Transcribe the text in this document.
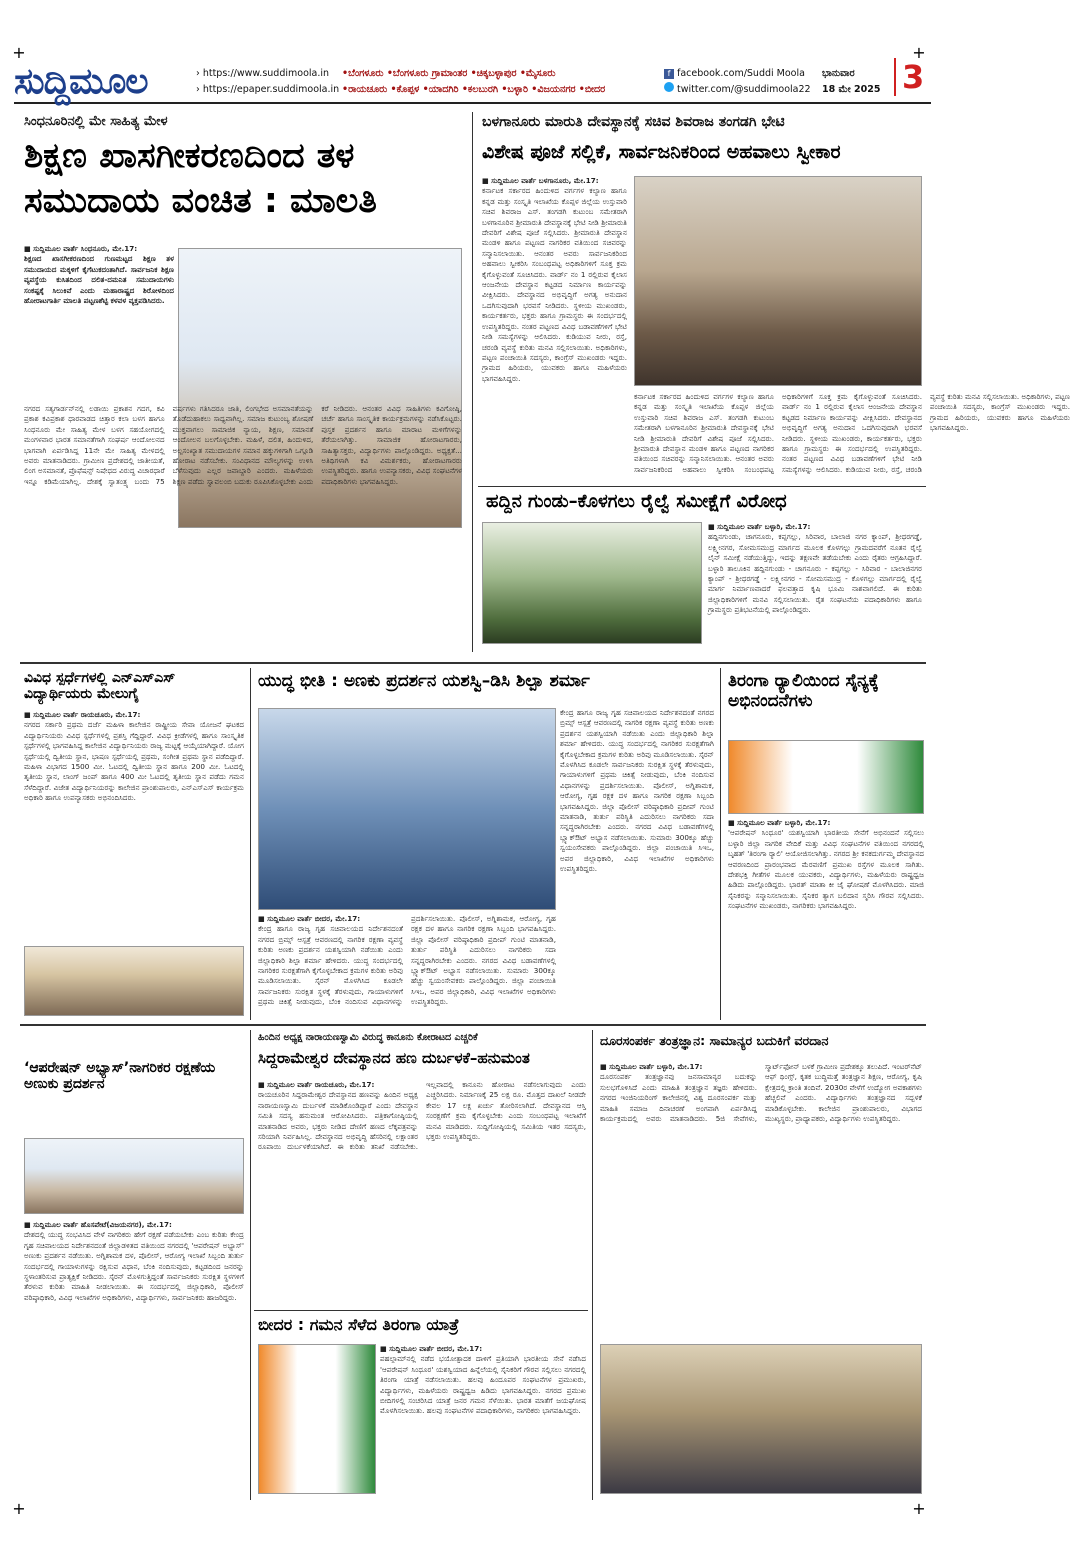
+	+
+	+
ಸುದ್ದಿಮೂಲ	› https://www.suddimoola.in
› https://epaper.suddimoola.in
•ಬೆಂಗಳೂರು •ಬೆಂಗಳೂರು ಗ್ರಾಮಾಂತರ •ಚಿಕ್ಕಬಳ್ಳಾಪುರ •ಮೈಸೂರು
•ರಾಯಚೂರು •ಕೊಪ್ಪಳ •ಯಾದಗಿರಿ •ಕಲಬುರಗಿ •ಬಳ್ಳಾರಿ •ವಿಜಯನಗರ •ಬೀದರ
f facebook.com/Suddi Moola
twitter.com/@suddimoola22
ಭಾನುವಾರ
18 ಮೇ 2025 3
ಸಿಂಧನೂರಿನಲ್ಲಿ ಮೇ ಸಾಹಿತ್ಯ ಮೇಳ
ಶಿಕ್ಷಣ ಖಾಸಗೀಕರಣದಿಂದ ತಳ ಸಮುದಾಯ ವಂಚಿತ : ಮಾಲತಿ
■ ಸುದ್ದಿಮೂಲ ವಾರ್ತೆ ಸಿಂಧನೂರು, ಮೇ.17:
ಶಿಕ್ಷಣದ ಖಾಸಗೀಕರಣದಿಂದ ಗುಣಮಟ್ಟದ ಶಿಕ್ಷಣ ತಳ ಸಮುದಾಯದ ಮಕ್ಕಳಿಗೆ ಕೈಗೆಟುಕದಂತಾಗಿದೆ. ಸಾರ್ವಜನಿಕ ಶಿಕ್ಷಣ ವ್ಯವಸ್ಥೆಯ ಕುಸಿತದಿಂದ ದಲಿತ-ದಮನಿತ ಸಮುದಾಯಗಳು ಸಂಕಷ್ಟಕ್ಕೆ ಸಿಲುಕಿವೆ ಎಂದು ಮಹಾರಾಷ್ಟ್ರದ ಶಿರೋಳದಿಂದ ಹೋರಾಟಗಾರ್ತಿ ಮಾಲತಿ ಪಟ್ಟಣಶೆಟ್ಟಿ ಕಳವಳ ವ್ಯಕ್ತಪಡಿಸಿದರು.
ನಗರದ ಸತ್ಯಗಾರ್ಡನ್‌ನಲ್ಲಿ ಲಡಾಯಿ ಪ್ರಕಾಶನ ಗದಗ, ಕವಿ ಪ್ರಕಾಶ ಕವಿಪ್ರಕಾಶ ಧಾರವಾಡದ ಚಿತ್ತಾರ ಕಲಾ ಬಳಗ ಹಾಗೂ ಸಿಂಧನೂರು ಮೇ ಸಾಹಿತ್ಯ ಮೇಳ ಬಳಗ ಸಹಯೋಗದಲ್ಲಿ ಮಂಗಳವಾರ ಭಾರತ ಸಮಾನತೆಗಾಗಿ ಸಂಘರ್ಷ ಆಂದೋಲನದ ಭಾಗವಾಗಿ ಏರ್ಪಡಿಸಿದ್ದ 11ನೇ ಮೇ ಸಾಹಿತ್ಯ ಮೇಳದಲ್ಲಿ ಅವರು ಮಾತನಾಡಿದರು. ಗ್ರಾಮೀಣ ಪ್ರದೇಶದಲ್ಲಿ ಜಾತೀಯತೆ, ಲಿಂಗ ಅಸಮಾನತೆ, ಪ್ರೊಫೆಷನ್ಸ್ ನಿಷೇಧದ ವಿರುದ್ಧ ವಿಚಾರಧಾರೆ ಇನ್ನೂ ಕಡಿಮೆಯಾಗಿಲ್ಲ. ದೇಶಕ್ಕೆ ಸ್ವಾತಂತ್ರ್ಯ ಬಂದು 75 ವರ್ಷಗಳು ಗತಿಸಿದರೂ ಜಾತಿ, ಲಿಂಗಭೇದ ಅಸಮಾನತೆಯನ್ನು ತೊಡೆದುಹಾಕಲು ಸಾಧ್ಯವಾಗಿಲ್ಲ. ಸಮಾಜ ಕುಟುಂಬ್ಯ ಶೋಷಣೆ ಮುಕ್ತವಾಗಲು ಸಾಮಾಜಿಕ ನ್ಯಾಯ, ಶಿಕ್ಷಣ, ಸಮಾನತೆ ಆಂದೋಲನ ಬಲಗೊಳ್ಳಬೇಕು. ಮಹಿಳೆ, ದಲಿತ, ಹಿಂದುಳಿದ, ಅಲ್ಪಸಂಖ್ಯಾತ ಸಮುದಾಯಗಳ ಸಮಾನ ಹಕ್ಕುಗಳಿಗಾಗಿ ಒಗ್ಗೂಡಿ ಹೋರಾಟ ನಡೆಸಬೇಕು. ಸಂವಿಧಾನದ ಮೌಲ್ಯಗಳನ್ನು ಉಳಿಸಿ ಬೆಳೆಸುವುದು ಎಲ್ಲರ ಜವಾಬ್ದಾರಿ ಎಂದರು. ಮಹಿಳೆಯರು ಶಿಕ್ಷಣ ಪಡೆದು ಸ್ವಾವಲಂಬಿ ಬದುಕು ರೂಪಿಸಿಕೊಳ್ಳಬೇಕು ಎಂದು ಕರೆ ನೀಡಿದರು. ಆನಂತರ ವಿವಿಧ ಸಾಹಿತಿಗಳು ಕವಿಗೋಷ್ಠಿ, ಚರ್ಚೆ ಹಾಗೂ ಸಾಂಸ್ಕೃತಿಕ ಕಾರ್ಯಕ್ರಮಗಳನ್ನು ನಡೆಸಿಕೊಟ್ಟರು. ಪುಸ್ತಕ ಪ್ರದರ್ಶನ ಹಾಗೂ ಮಾರಾಟ ಮಳಿಗೆಗಳನ್ನು ತೆರೆಯಲಾಗಿತ್ತು. ಸಾಮಾಜಿಕ ಹೋರಾಟಗಾರರು, ಸಾಹಿತ್ಯಾಸಕ್ತರು, ವಿದ್ಯಾರ್ಥಿಗಳು ಪಾಲ್ಗೊಂಡಿದ್ದರು. ಅಧ್ಯಕ್ಷತೆ... ಅತಿಥಿಗಳಾಗಿ ಕವಿ ವಿಮರ್ಶಕರು, ಹೋರಾಟಗಾರರು ಉಪಸ್ಥಿತರಿದ್ದರು. ಹಾಗೂ ಉಪನ್ಯಾಸಕರು, ವಿವಿಧ ಸಂಘಟನೆಗಳ ಪದಾಧಿಕಾರಿಗಳು ಭಾಗವಹಿಸಿದ್ದರು.
ಬಳಗಾನೂರು ಮಾರುತಿ ದೇವಸ್ಥಾನಕ್ಕೆ ಸಚಿವ ಶಿವರಾಜ ತಂಗಡಗಿ ಭೇಟಿ
ವಿಶೇಷ ಪೂಜೆ ಸಲ್ಲಿಕೆ, ಸಾರ್ವಜನಿಕರಿಂದ ಅಹವಾಲು ಸ್ವೀಕಾರ
■ ಸುದ್ದಿಮೂಲ ವಾರ್ತೆ ಬಳಗಾನೂರು, ಮೇ.17:
ಕರ್ನಾಟಕ ಸರ್ಕಾರದ ಹಿಂದುಳಿದ ವರ್ಗಗಳ ಕಲ್ಯಾಣ ಹಾಗೂ ಕನ್ನಡ ಮತ್ತು ಸಂಸ್ಕೃತಿ ಇಲಾಖೆಯ ಕೊಪ್ಪಳ ಜಿಲ್ಲೆಯ ಉಸ್ತುವಾರಿ ಸಚಿವ ಶಿವರಾಜ ಎಸ್. ತಂಗಡಗಿ ಕುಟುಂಬ ಸಮೇತರಾಗಿ ಬಳಗಾನೂರಿನ ಶ್ರೀಮಾರುತಿ ದೇವಸ್ಥಾನಕ್ಕೆ ಭೇಟಿ ನೀಡಿ ಶ್ರೀಮಾರುತಿ ದೇವರಿಗೆ ವಿಶೇಷ ಪೂಜೆ ಸಲ್ಲಿಸಿದರು. ಶ್ರೀಮಾರುತಿ ದೇವಸ್ಥಾನ ಮಂಡಳಿ ಹಾಗೂ ಪಟ್ಟಣದ ನಾಗರಿಕರ ವತಿಯಿಂದ ಸಚಿವರನ್ನು ಸನ್ಮಾನಿಸಲಾಯಿತು. ಆನಂತರ ಅವರು ಸಾರ್ವಜನಿಕರಿಂದ ಅಹವಾಲು ಸ್ವೀಕರಿಸಿ ಸಂಬಂಧಪಟ್ಟ ಅಧಿಕಾರಿಗಳಿಗೆ ಸೂಕ್ತ ಕ್ರಮ ಕೈಗೊಳ್ಳುವಂತೆ ಸೂಚಿಸಿದರು. ವಾರ್ಡ್ ನಂ 1 ರಲ್ಲಿರುವ ಕೈಲಾಸ ಆಂಜನೇಯ ದೇವಸ್ಥಾನ ಕಟ್ಟಡದ ನಿರ್ಮಾಣ ಕಾರ್ಯವನ್ನು ವೀಕ್ಷಿಸಿದರು. ದೇವಸ್ಥಾನದ ಅಭಿವೃದ್ಧಿಗೆ ಅಗತ್ಯ ಅನುದಾನ ಒದಗಿಸುವುದಾಗಿ ಭರವಸೆ ನೀಡಿದರು. ಸ್ಥಳೀಯ ಮುಖಂಡರು, ಕಾರ್ಯಕರ್ತರು, ಭಕ್ತರು ಹಾಗೂ ಗ್ರಾಮಸ್ಥರು ಈ ಸಂದರ್ಭದಲ್ಲಿ ಉಪಸ್ಥಿತರಿದ್ದರು. ನಂತರ ಪಟ್ಟಣದ ವಿವಿಧ ಬಡಾವಣೆಗಳಿಗೆ ಭೇಟಿ ನೀಡಿ ಸಮಸ್ಯೆಗಳನ್ನು ಆಲಿಸಿದರು. ಕುಡಿಯುವ ನೀರು, ರಸ್ತೆ, ಚರಂಡಿ ವ್ಯವಸ್ಥೆ ಕುರಿತು ಮನವಿ ಸಲ್ಲಿಸಲಾಯಿತು. ಅಧಿಕಾರಿಗಳು, ಪಟ್ಟಣ ಪಂಚಾಯಿತಿ ಸದಸ್ಯರು, ಕಾಂಗ್ರೆಸ್ ಮುಖಂಡರು ಇದ್ದರು. ಗ್ರಾಮದ ಹಿರಿಯರು, ಯುವಕರು ಹಾಗೂ ಮಹಿಳೆಯರು ಭಾಗವಹಿಸಿದ್ದರು.
ಕರ್ನಾಟಕ ಸರ್ಕಾರದ ಹಿಂದುಳಿದ ವರ್ಗಗಳ ಕಲ್ಯಾಣ ಹಾಗೂ ಕನ್ನಡ ಮತ್ತು ಸಂಸ್ಕೃತಿ ಇಲಾಖೆಯ ಕೊಪ್ಪಳ ಜಿಲ್ಲೆಯ ಉಸ್ತುವಾರಿ ಸಚಿವ ಶಿವರಾಜ ಎಸ್. ತಂಗಡಗಿ ಕುಟುಂಬ ಸಮೇತರಾಗಿ ಬಳಗಾನೂರಿನ ಶ್ರೀಮಾರುತಿ ದೇವಸ್ಥಾನಕ್ಕೆ ಭೇಟಿ ನೀಡಿ ಶ್ರೀಮಾರುತಿ ದೇವರಿಗೆ ವಿಶೇಷ ಪೂಜೆ ಸಲ್ಲಿಸಿದರು. ಶ್ರೀಮಾರುತಿ ದೇವಸ್ಥಾನ ಮಂಡಳಿ ಹಾಗೂ ಪಟ್ಟಣದ ನಾಗರಿಕರ ವತಿಯಿಂದ ಸಚಿವರನ್ನು ಸನ್ಮಾನಿಸಲಾಯಿತು. ಆನಂತರ ಅವರು ಸಾರ್ವಜನಿಕರಿಂದ ಅಹವಾಲು ಸ್ವೀಕರಿಸಿ ಸಂಬಂಧಪಟ್ಟ ಅಧಿಕಾರಿಗಳಿಗೆ ಸೂಕ್ತ ಕ್ರಮ ಕೈಗೊಳ್ಳುವಂತೆ ಸೂಚಿಸಿದರು. ವಾರ್ಡ್ ನಂ 1 ರಲ್ಲಿರುವ ಕೈಲಾಸ ಆಂಜನೇಯ ದೇವಸ್ಥಾನ ಕಟ್ಟಡದ ನಿರ್ಮಾಣ ಕಾರ್ಯವನ್ನು ವೀಕ್ಷಿಸಿದರು. ದೇವಸ್ಥಾನದ ಅಭಿವೃದ್ಧಿಗೆ ಅಗತ್ಯ ಅನುದಾನ ಒದಗಿಸುವುದಾಗಿ ಭರವಸೆ ನೀಡಿದರು. ಸ್ಥಳೀಯ ಮುಖಂಡರು, ಕಾರ್ಯಕರ್ತರು, ಭಕ್ತರು ಹಾಗೂ ಗ್ರಾಮಸ್ಥರು ಈ ಸಂದರ್ಭದಲ್ಲಿ ಉಪಸ್ಥಿತರಿದ್ದರು. ನಂತರ ಪಟ್ಟಣದ ವಿವಿಧ ಬಡಾವಣೆಗಳಿಗೆ ಭೇಟಿ ನೀಡಿ ಸಮಸ್ಯೆಗಳನ್ನು ಆಲಿಸಿದರು. ಕುಡಿಯುವ ನೀರು, ರಸ್ತೆ, ಚರಂಡಿ ವ್ಯವಸ್ಥೆ ಕುರಿತು ಮನವಿ ಸಲ್ಲಿಸಲಾಯಿತು. ಅಧಿಕಾರಿಗಳು, ಪಟ್ಟಣ ಪಂಚಾಯಿತಿ ಸದಸ್ಯರು, ಕಾಂಗ್ರೆಸ್ ಮುಖಂಡರು ಇದ್ದರು. ಗ್ರಾಮದ ಹಿರಿಯರು, ಯುವಕರು ಹಾಗೂ ಮಹಿಳೆಯರು ಭಾಗವಹಿಸಿದ್ದರು.
ಹದ್ದಿನ ಗುಂಡು–ಕೊಳಗಲು ರೈಲ್ವೆ ಸಮೀಕ್ಷೆಗೆ ವಿರೋಧ
■ ಸುದ್ದಿಮೂಲ ವಾರ್ತೆ ಬಳ್ಳಾರಿ, ಮೇ.17:
ಹದ್ದಿನಗುಂಡು, ಚಾಗನೂರು, ಕಪ್ಪಗಲ್ಲು, ಸಿರಿವಾರ, ಬಾಲಾಜಿ ನಗರ ಕ್ಯಾಂಪ್, ಶ್ರೀಧರಗಡ್ಡೆ, ಲಕ್ಷ್ಮೀನಗರ, ಸೋಮಸಮುದ್ರ ಮಾರ್ಗದ ಮೂಲಕ ಕೊಳಗಲ್ಲು ಗ್ರಾಮದವರೆಗೆ ನೂತನ ರೈಲ್ವೆ ಲೈನ್ ಸಮೀಕ್ಷೆ ನಡೆಯುತ್ತಿದ್ದು, ಇದನ್ನು ತಕ್ಷಣವೇ ತಡೆಯಬೇಕು ಎಂದು ರೈತರು ಆಗ್ರಹಿಸಿದ್ದಾರೆ. ಬಳ್ಳಾರಿ ತಾಲೂಕಿನ ಹದ್ದಿನಗುಂಡು - ಚಾಗನೂರು - ಕಪ್ಪಗಲ್ಲು - ಸಿರಿವಾರ - ಬಾಲಾಜಿನಗರ ಕ್ಯಾಂಪ್ - ಶ್ರೀಧರಗಡ್ಡೆ - ಲಕ್ಷ್ಮೀನಗರ - ಸೋಮಸಮುದ್ರ - ಕೊಳಗಲ್ಲು ಮಾರ್ಗದಲ್ಲಿ ರೈಲ್ವೆ ಮಾರ್ಗ ನಿರ್ಮಾಣವಾದರೆ ಫಲವತ್ತಾದ ಕೃಷಿ ಭೂಮಿ ನಾಶವಾಗಲಿದೆ. ಈ ಕುರಿತು ಜಿಲ್ಲಾಧಿಕಾರಿಗಳಿಗೆ ಮನವಿ ಸಲ್ಲಿಸಲಾಯಿತು. ರೈತ ಸಂಘಟನೆಯ ಪದಾಧಿಕಾರಿಗಳು ಹಾಗೂ ಗ್ರಾಮಸ್ಥರು ಪ್ರತಿಭಟನೆಯಲ್ಲಿ ಪಾಲ್ಗೊಂಡಿದ್ದರು.
ವಿವಿಧ ಸ್ಪರ್ಧೆಗಳಲ್ಲಿ ಎನ್‌ಎಸ್‌ಎಸ್ ವಿದ್ಯಾರ್ಥಿಯರು ಮೇಲುಗೈ
■ ಸುದ್ದಿಮೂಲ ವಾರ್ತೆ ರಾಯಚೂರು, ಮೇ.17:
ನಗರದ ಸರ್ಕಾರಿ ಪ್ರಥಮ ದರ್ಜೆ ಮಹಿಳಾ ಕಾಲೇಜಿನ ರಾಷ್ಟ್ರೀಯ ಸೇವಾ ಯೋಜನೆ ಘಟಕದ ವಿದ್ಯಾರ್ಥಿನಿಯರು ವಿವಿಧ ಸ್ಪರ್ಧೆಗಳಲ್ಲಿ ಪ್ರಶಸ್ತಿ ಗೆದ್ದಿದ್ದಾರೆ. ವಿವಿಧ ಕ್ರೀಡೆಗಳಲ್ಲಿ ಹಾಗೂ ಸಾಂಸ್ಕೃತಿಕ ಸ್ಪರ್ಧೆಗಳಲ್ಲಿ ಭಾಗವಹಿಸಿದ್ದ ಕಾಲೇಜಿನ ವಿದ್ಯಾರ್ಥಿನಿಯರು ರಾಜ್ಯ ಮಟ್ಟಕ್ಕೆ ಆಯ್ಕೆಯಾಗಿದ್ದಾರೆ. ಯೋಗ ಸ್ಪರ್ಧೆಯಲ್ಲಿ ದ್ವಿತೀಯ ಸ್ಥಾನ, ಭಾಷಣ ಸ್ಪರ್ಧೆಯಲ್ಲಿ ಪ್ರಥಮ, ಸಂಗೀತ ಪ್ರಥಮ ಸ್ಥಾನ ಪಡೆದಿದ್ದಾರೆ. ಮಹಿಳಾ ವಿಭಾಗದ 1500 ಮೀ. ಓಟದಲ್ಲಿ ದ್ವಿತೀಯ ಸ್ಥಾನ ಹಾಗೂ 200 ಮೀ. ಓಟದಲ್ಲಿ ತೃತೀಯ ಸ್ಥಾನ, ಲಾಂಗ್ ಜಂಪ್ ಹಾಗೂ 400 ಮೀ ಓಟದಲ್ಲಿ ತೃತೀಯ ಸ್ಥಾನ ಪಡೆದು ಗಮನ ಸೆಳೆದಿದ್ದಾರೆ. ವಿಜೇತ ವಿದ್ಯಾರ್ಥಿನಿಯರನ್ನು ಕಾಲೇಜಿನ ಪ್ರಾಂಶುಪಾಲರು, ಎನ್‌ಎಸ್‌ಎಸ್ ಕಾರ್ಯಕ್ರಮ ಅಧಿಕಾರಿ ಹಾಗೂ ಉಪನ್ಯಾಸಕರು ಅಭಿನಂದಿಸಿದರು.
ಯುದ್ಧ ಭೀತಿ : ಅಣಕು ಪ್ರದರ್ಶನ ಯಶಸ್ವಿ–ಡಿಸಿ ಶಿಲ್ಪಾ ಶರ್ಮಾ
ಕೇಂದ್ರ ಹಾಗೂ ರಾಜ್ಯ ಗೃಹ ಸಚಿವಾಲಯದ ನಿರ್ದೇಶನದಂತೆ ನಗರದ ಬ್ರಿಮ್ಸ್ ಆಸ್ಪತ್ರೆ ಆವರಣದಲ್ಲಿ ನಾಗರಿಕ ರಕ್ಷಣಾ ವ್ಯವಸ್ಥೆ ಕುರಿತು ಅಣಕು ಪ್ರದರ್ಶನ ಯಶಸ್ವಿಯಾಗಿ ನಡೆಯಿತು ಎಂದು ಜಿಲ್ಲಾಧಿಕಾರಿ ಶಿಲ್ಪಾ ಶರ್ಮಾ ಹೇಳಿದರು. ಯುದ್ಧ ಸಂದರ್ಭದಲ್ಲಿ ನಾಗರಿಕರ ಸುರಕ್ಷತೆಗಾಗಿ ಕೈಗೊಳ್ಳಬೇಕಾದ ಕ್ರಮಗಳ ಕುರಿತು ಅರಿವು ಮೂಡಿಸಲಾಯಿತು. ಸೈರನ್ ಮೊಳಗಿಸಿದ ಕೂಡಲೇ ಸಾರ್ವಜನಿಕರು ಸುರಕ್ಷಿತ ಸ್ಥಳಕ್ಕೆ ತೆರಳುವುದು, ಗಾಯಾಳುಗಳಿಗೆ ಪ್ರಥಮ ಚಿಕಿತ್ಸೆ ನೀಡುವುದು, ಬೆಂಕಿ ನಂದಿಸುವ ವಿಧಾನಗಳನ್ನು ಪ್ರದರ್ಶಿಸಲಾಯಿತು. ಪೊಲೀಸ್, ಅಗ್ನಿಶಾಮಕ, ಆರೋಗ್ಯ, ಗೃಹ ರಕ್ಷಕ ದಳ ಹಾಗೂ ನಾಗರಿಕ ರಕ್ಷಣಾ ಸಿಬ್ಬಂದಿ ಭಾಗವಹಿಸಿದ್ದರು. ಜಿಲ್ಲಾ ಪೊಲೀಸ್ ವರಿಷ್ಠಾಧಿಕಾರಿ ಪ್ರದೀಪ್ ಗುಂಟಿ ಮಾತನಾಡಿ, ತುರ್ತು ಪರಿಸ್ಥಿತಿ ಎದುರಿಸಲು ನಾಗರಿಕರು ಸದಾ ಸನ್ನದ್ಧರಾಗಿರಬೇಕು ಎಂದರು. ನಗರದ ವಿವಿಧ ಬಡಾವಣೆಗಳಲ್ಲಿ ಬ್ಲ್ಯಾಕ್‌ಔಟ್ ಅಭ್ಯಾಸ ನಡೆಸಲಾಯಿತು. ಸುಮಾರು 300ಕ್ಕೂ ಹೆಚ್ಚು ಸ್ವಯಂಸೇವಕರು ಪಾಲ್ಗೊಂಡಿದ್ದರು. ಜಿಲ್ಲಾ ಪಂಚಾಯಿತಿ ಸಿಇಒ, ಅಪರ ಜಿಲ್ಲಾಧಿಕಾರಿ, ವಿವಿಧ ಇಲಾಖೆಗಳ ಅಧಿಕಾರಿಗಳು ಉಪಸ್ಥಿತರಿದ್ದರು.
■ ಸುದ್ದಿಮೂಲ ವಾರ್ತೆ ಬೀದರ, ಮೇ.17:
ಕೇಂದ್ರ ಹಾಗೂ ರಾಜ್ಯ ಗೃಹ ಸಚಿವಾಲಯದ ನಿರ್ದೇಶನದಂತೆ ನಗರದ ಬ್ರಿಮ್ಸ್ ಆಸ್ಪತ್ರೆ ಆವರಣದಲ್ಲಿ ನಾಗರಿಕ ರಕ್ಷಣಾ ವ್ಯವಸ್ಥೆ ಕುರಿತು ಅಣಕು ಪ್ರದರ್ಶನ ಯಶಸ್ವಿಯಾಗಿ ನಡೆಯಿತು ಎಂದು ಜಿಲ್ಲಾಧಿಕಾರಿ ಶಿಲ್ಪಾ ಶರ್ಮಾ ಹೇಳಿದರು. ಯುದ್ಧ ಸಂದರ್ಭದಲ್ಲಿ ನಾಗರಿಕರ ಸುರಕ್ಷತೆಗಾಗಿ ಕೈಗೊಳ್ಳಬೇಕಾದ ಕ್ರಮಗಳ ಕುರಿತು ಅರಿವು ಮೂಡಿಸಲಾಯಿತು. ಸೈರನ್ ಮೊಳಗಿಸಿದ ಕೂಡಲೇ ಸಾರ್ವಜನಿಕರು ಸುರಕ್ಷಿತ ಸ್ಥಳಕ್ಕೆ ತೆರಳುವುದು, ಗಾಯಾಳುಗಳಿಗೆ ಪ್ರಥಮ ಚಿಕಿತ್ಸೆ ನೀಡುವುದು, ಬೆಂಕಿ ನಂದಿಸುವ ವಿಧಾನಗಳನ್ನು ಪ್ರದರ್ಶಿಸಲಾಯಿತು. ಪೊಲೀಸ್, ಅಗ್ನಿಶಾಮಕ, ಆರೋಗ್ಯ, ಗೃಹ ರಕ್ಷಕ ದಳ ಹಾಗೂ ನಾಗರಿಕ ರಕ್ಷಣಾ ಸಿಬ್ಬಂದಿ ಭಾಗವಹಿಸಿದ್ದರು. ಜಿಲ್ಲಾ ಪೊಲೀಸ್ ವರಿಷ್ಠಾಧಿಕಾರಿ ಪ್ರದೀಪ್ ಗುಂಟಿ ಮಾತನಾಡಿ, ತುರ್ತು ಪರಿಸ್ಥಿತಿ ಎದುರಿಸಲು ನಾಗರಿಕರು ಸದಾ ಸನ್ನದ್ಧರಾಗಿರಬೇಕು ಎಂದರು. ನಗರದ ವಿವಿಧ ಬಡಾವಣೆಗಳಲ್ಲಿ ಬ್ಲ್ಯಾಕ್‌ಔಟ್ ಅಭ್ಯಾಸ ನಡೆಸಲಾಯಿತು. ಸುಮಾರು 300ಕ್ಕೂ ಹೆಚ್ಚು ಸ್ವಯಂಸೇವಕರು ಪಾಲ್ಗೊಂಡಿದ್ದರು. ಜಿಲ್ಲಾ ಪಂಚಾಯಿತಿ ಸಿಇಒ, ಅಪರ ಜಿಲ್ಲಾಧಿಕಾರಿ, ವಿವಿಧ ಇಲಾಖೆಗಳ ಅಧಿಕಾರಿಗಳು ಉಪಸ್ಥಿತರಿದ್ದರು.
ತಿರಂಗಾ ರ್‍ಯಾಲಿಯಿಂದ ಸೈನ್ಯಕ್ಕೆ ಅಭಿನಂದನೆಗಳು
■ ಸುದ್ದಿಮೂಲ ವಾರ್ತೆ ಬಳ್ಳಾರಿ, ಮೇ.17:
'ಆಪರೇಷನ್ ಸಿಂಧೂರ' ಯಶಸ್ವಿಯಾಗಿ ಭಾರತೀಯ ಸೇನೆಗೆ ಅಭಿನಂದನೆ ಸಲ್ಲಿಸಲು ಬಳ್ಳಾರಿ ಜಿಲ್ಲಾ ನಾಗರಿಕ ವೇದಿಕೆ ಮತ್ತು ವಿವಿಧ ಸಂಘಟನೆಗಳ ವತಿಯಿಂದ ನಗರದಲ್ಲಿ ಬೃಹತ್ 'ತಿರಂಗಾ ರ್‍ಯಾಲಿ' ಆಯೋಜಿಸಲಾಗಿತ್ತು. ನಗರದ ಶ್ರೀ ಕನಕದುರ್ಗಮ್ಮ ದೇವಸ್ಥಾನದ ಆವರಣದಿಂದ ಪ್ರಾರಂಭವಾದ ಮೆರವಣಿಗೆ ಪ್ರಮುಖ ರಸ್ತೆಗಳ ಮೂಲಕ ಸಾಗಿತು. ದೇಶಭಕ್ತಿ ಗೀತೆಗಳ ಮೂಲಕ ಯುವಕರು, ವಿದ್ಯಾರ್ಥಿಗಳು, ಮಹಿಳೆಯರು ರಾಷ್ಟ್ರಧ್ವಜ ಹಿಡಿದು ಪಾಲ್ಗೊಂಡಿದ್ದರು. ಭಾರತ್ ಮಾತಾ ಕೀ ಜೈ ಘೋಷಣೆ ಮೊಳಗಿಸಿದರು. ಮಾಜಿ ಸೈನಿಕರನ್ನು ಸನ್ಮಾನಿಸಲಾಯಿತು. ಸೈನಿಕರ ತ್ಯಾಗ ಬಲಿದಾನ ಸ್ಮರಿಸಿ ಗೌರವ ಸಲ್ಲಿಸಿದರು. ಸಂಘಟನೆಗಳ ಮುಖಂಡರು, ನಾಗರಿಕರು ಭಾಗವಹಿಸಿದ್ದರು.
‘ಆಪರೇಷನ್ ಅಭ್ಯಾಸ್’ನಾಗರಿಕರ ರಕ್ಷಣೆಯ ಅಣುಕು ಪ್ರದರ್ಶನ
■ ಸುದ್ದಿಮೂಲ ವಾರ್ತೆ ಹೊಸಪೇಟೆ(ವಿಜಯನಗರ), ಮೇ.17:
ದೇಶದಲ್ಲಿ ಯುದ್ಧ ಸಂಭವಿಸಿದ ವೇಳೆ ನಾಗರಿಕರು ಹೇಗೆ ರಕ್ಷಣೆ ಪಡೆಯಬೇಕು ಎಂಬ ಕುರಿತು ಕೇಂದ್ರ ಗೃಹ ಸಚಿವಾಲಯದ ನಿರ್ದೇಶನದಂತೆ ಜಿಲ್ಲಾಡಳಿತದ ವತಿಯಿಂದ ನಗರದಲ್ಲಿ 'ಆಪರೇಷನ್ ಅಭ್ಯಾಸ್' ಅಣುಕು ಪ್ರದರ್ಶನ ನಡೆಯಿತು. ಅಗ್ನಿಶಾಮಕ ದಳ, ಪೊಲೀಸ್, ಆರೋಗ್ಯ ಇಲಾಖೆ ಸಿಬ್ಬಂದಿ ತುರ್ತು ಸಂದರ್ಭದಲ್ಲಿ ಗಾಯಾಳುಗಳನ್ನು ರಕ್ಷಿಸುವ ವಿಧಾನ, ಬೆಂಕಿ ನಂದಿಸುವುದು, ಕಟ್ಟಡದಿಂದ ಜನರನ್ನು ಸ್ಥಳಾಂತರಿಸುವ ಪ್ರಾತ್ಯಕ್ಷಿಕೆ ನೀಡಿದರು. ಸೈರನ್ ಮೊಳಗುತ್ತಿದ್ದಂತೆ ಸಾರ್ವಜನಿಕರು ಸುರಕ್ಷಿತ ಸ್ಥಳಗಳಿಗೆ ತೆರಳುವ ಕುರಿತು ಮಾಹಿತಿ ನೀಡಲಾಯಿತು. ಈ ಸಂದರ್ಭದಲ್ಲಿ ಜಿಲ್ಲಾಧಿಕಾರಿ, ಪೊಲೀಸ್ ವರಿಷ್ಠಾಧಿಕಾರಿ, ವಿವಿಧ ಇಲಾಖೆಗಳ ಅಧಿಕಾರಿಗಳು, ವಿದ್ಯಾರ್ಥಿಗಳು, ಸಾರ್ವಜನಿಕರು ಹಾಜರಿದ್ದರು.
ಹಿಂದಿನ ಅಧ್ಯಕ್ಷ ನಾರಾಯಣಸ್ವಾಮಿ ವಿರುದ್ಧ ಕಾನೂನು ಕೋರಾಟದ ಎಚ್ಚರಿಕೆ
ಸಿದ್ದರಾಮೇಶ್ವರ ದೇವಸ್ಥಾನದ ಹಣ ದುರ್ಬಳಕೆ–ಹನುಮಂತ
■ ಸುದ್ದಿಮೂಲ ವಾರ್ತೆ ರಾಯಚೂರು, ಮೇ.17:
ರಾಯಚೂರಿನ ಸಿದ್ದರಾಮೇಶ್ವರ ದೇವಸ್ಥಾನದ ಹಣವನ್ನು ಹಿಂದಿನ ಅಧ್ಯಕ್ಷ ನಾರಾಯಣಸ್ವಾಮಿ ದುರ್ಬಳಕೆ ಮಾಡಿಕೊಂಡಿದ್ದಾರೆ ಎಂದು ದೇವಸ್ಥಾನ ಸಮಿತಿ ಸದಸ್ಯ ಹನುಮಂತ ಆರೋಪಿಸಿದರು. ಪತ್ರಿಕಾಗೋಷ್ಠಿಯಲ್ಲಿ ಮಾತನಾಡಿದ ಅವರು, ಭಕ್ತರು ನೀಡಿದ ದೇಣಿಗೆ ಹಣದ ಲೆಕ್ಕಪತ್ರವನ್ನು ಸರಿಯಾಗಿ ನಿರ್ವಹಿಸಿಲ್ಲ. ದೇವಸ್ಥಾನದ ಅಭಿವೃದ್ಧಿ ಹೆಸರಿನಲ್ಲಿ ಲಕ್ಷಾಂತರ ರೂಪಾಯಿ ದುರ್ಬಳಕೆಯಾಗಿದೆ. ಈ ಕುರಿತು ತನಿಖೆ ನಡೆಸಬೇಕು. ಇಲ್ಲವಾದಲ್ಲಿ ಕಾನೂನು ಹೋರಾಟ ನಡೆಸಲಾಗುವುದು ಎಂದು ಎಚ್ಚರಿಸಿದರು. ನಿರ್ಮಾಣಕ್ಕೆ 25 ಲಕ್ಷ ರೂ. ಮೊತ್ತದ ದಾಖಲೆ ನೀಡದೇ ಕೇವಲ 17 ಲಕ್ಷ ಖರ್ಚು ತೋರಿಸಲಾಗಿದೆ. ದೇವಸ್ಥಾನದ ಆಸ್ತಿ ಸಂರಕ್ಷಣೆಗೆ ಕ್ರಮ ಕೈಗೊಳ್ಳಬೇಕು ಎಂದು ಸಂಬಂಧಪಟ್ಟ ಇಲಾಖೆಗೆ ಮನವಿ ಮಾಡಿದರು. ಸುದ್ದಿಗೋಷ್ಠಿಯಲ್ಲಿ ಸಮಿತಿಯ ಇತರ ಸದಸ್ಯರು, ಭಕ್ತರು ಉಪಸ್ಥಿತರಿದ್ದರು.
ಬೀದರ : ಗಮನ ಸೆಳೆದ ತಿರಂಗಾ ಯಾತ್ರೆ
■ ಸುದ್ದಿಮೂಲ ವಾರ್ತೆ ಬೀದರ, ಮೇ.17:
ಪಹಲ್ಗಾಮ್‌ನಲ್ಲಿ ನಡೆದ ಭಯೋತ್ಪಾದಕ ದಾಳಿಗೆ ಪ್ರತಿಯಾಗಿ ಭಾರತೀಯ ಸೇನೆ ನಡೆಸಿದ 'ಆಪರೇಷನ್ ಸಿಂಧೂರ' ಯಶಸ್ವಿಯಾದ ಹಿನ್ನೆಲೆಯಲ್ಲಿ ಸೈನಿಕರಿಗೆ ಗೌರವ ಸಲ್ಲಿಸಲು ನಗರದಲ್ಲಿ ತಿರಂಗಾ ಯಾತ್ರೆ ನಡೆಸಲಾಯಿತು. ಹಲವು ಹಿಂದೂಪರ ಸಂಘಟನೆಗಳ ಪ್ರಮುಖರು, ವಿದ್ಯಾರ್ಥಿಗಳು, ಮಹಿಳೆಯರು ರಾಷ್ಟ್ರಧ್ವಜ ಹಿಡಿದು ಭಾಗವಹಿಸಿದ್ದರು. ನಗರದ ಪ್ರಮುಖ ಬೀದಿಗಳಲ್ಲಿ ಸಂಚರಿಸಿದ ಯಾತ್ರೆ ಜನರ ಗಮನ ಸೆಳೆಯಿತು. ಭಾರತ ಮಾತೆಗೆ ಜಯಘೋಷ ಮೊಳಗಿಸಲಾಯಿತು. ಹಲವು ಸಂಘಟನೆಗಳ ಪದಾಧಿಕಾರಿಗಳು, ನಾಗರಿಕರು ಭಾಗವಹಿಸಿದ್ದರು.
ದೂರಸಂಪರ್ಕ ತಂತ್ರಜ್ಞಾನ: ಸಾಮಾನ್ಯರ ಬದುಕಿಗೆ ವರದಾನ
■ ಸುದ್ದಿಮೂಲ ವಾರ್ತೆ ಬಳ್ಳಾರಿ, ಮೇ.17:
ದೂರಸಂಪರ್ಕ ತಂತ್ರಜ್ಞಾನವು ಜನಸಾಮಾನ್ಯರ ಬದುಕನ್ನು ಸುಲಭಗೊಳಿಸಿದೆ ಎಂದು ಮಾಹಿತಿ ತಂತ್ರಜ್ಞಾನ ತಜ್ಞರು ಹೇಳಿದರು. ನಗರದ ಇಂಜಿನಿಯರಿಂಗ್ ಕಾಲೇಜಿನಲ್ಲಿ ವಿಶ್ವ ದೂರಸಂಪರ್ಕ ಮತ್ತು ಮಾಹಿತಿ ಸಮಾಜ ದಿನಾಚರಣೆ ಅಂಗವಾಗಿ ಏರ್ಪಡಿಸಿದ್ದ ಕಾರ್ಯಕ್ರಮದಲ್ಲಿ ಅವರು ಮಾತನಾಡಿದರು. 5ಜಿ ಸೇವೆಗಳು, ಸ್ಮಾರ್ಟ್‌ಫೋನ್ ಬಳಕೆ ಗ್ರಾಮೀಣ ಪ್ರದೇಶಕ್ಕೂ ತಲುಪಿದೆ. ಇಂಟರ್‌ನೆಟ್ ಆಫ್ ಥಿಂಗ್ಸ್, ಕೃತಕ ಬುದ್ಧಿಮತ್ತೆ ತಂತ್ರಜ್ಞಾನ ಶಿಕ್ಷಣ, ಆರೋಗ್ಯ, ಕೃಷಿ ಕ್ಷೇತ್ರದಲ್ಲಿ ಕ್ರಾಂತಿ ತಂದಿವೆ. 2030ರ ವೇಳೆಗೆ ಉದ್ಯೋಗ ಅವಕಾಶಗಳು ಹೆಚ್ಚಲಿವೆ ಎಂದರು. ವಿದ್ಯಾರ್ಥಿಗಳು ತಂತ್ರಜ್ಞಾನದ ಸದ್ಬಳಕೆ ಮಾಡಿಕೊಳ್ಳಬೇಕು. ಕಾಲೇಜಿನ ಪ್ರಾಂಶುಪಾಲರು, ವಿಭಾಗದ ಮುಖ್ಯಸ್ಥರು, ಪ್ರಾಧ್ಯಾಪಕರು, ವಿದ್ಯಾರ್ಥಿಗಳು ಉಪಸ್ಥಿತರಿದ್ದರು.
